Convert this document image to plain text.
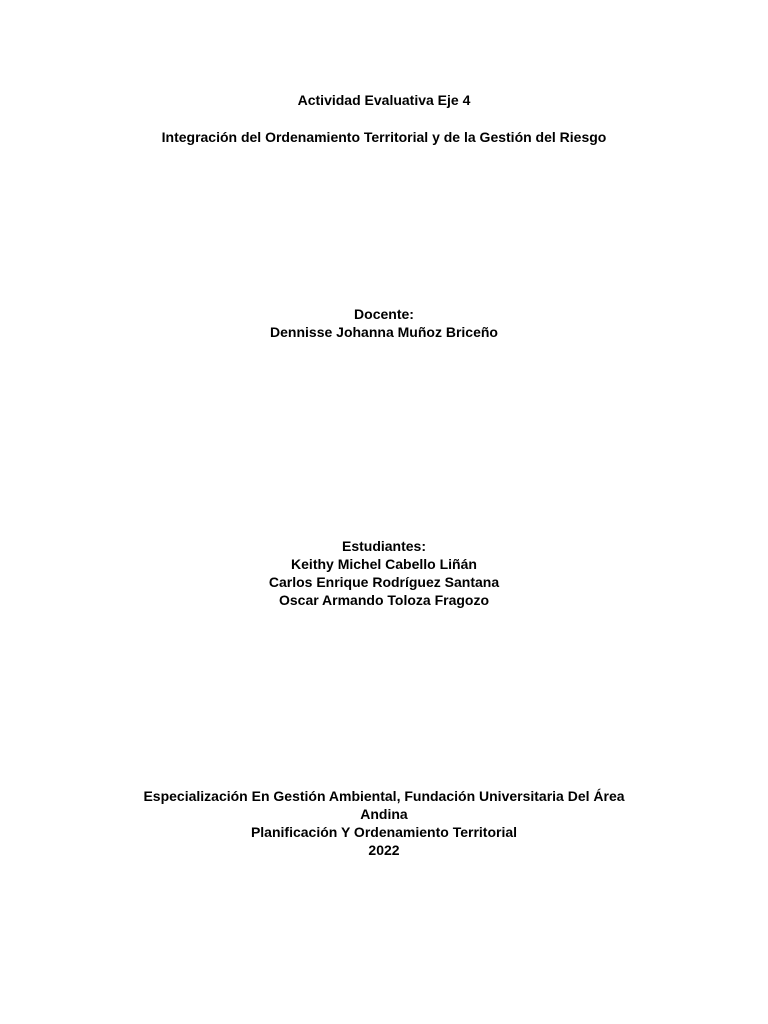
Actividad Evaluativa Eje 4
Integración del Ordenamiento Territorial y de la Gestión del Riesgo
Docente:
Dennisse Johanna Muñoz Briceño
Estudiantes:
Keithy Michel Cabello Liñán
Carlos Enrique Rodríguez Santana
Oscar Armando Toloza Fragozo
Especialización En Gestión Ambiental, Fundación Universitaria Del Área
Andina
Planificación Y Ordenamiento Territorial
2022
